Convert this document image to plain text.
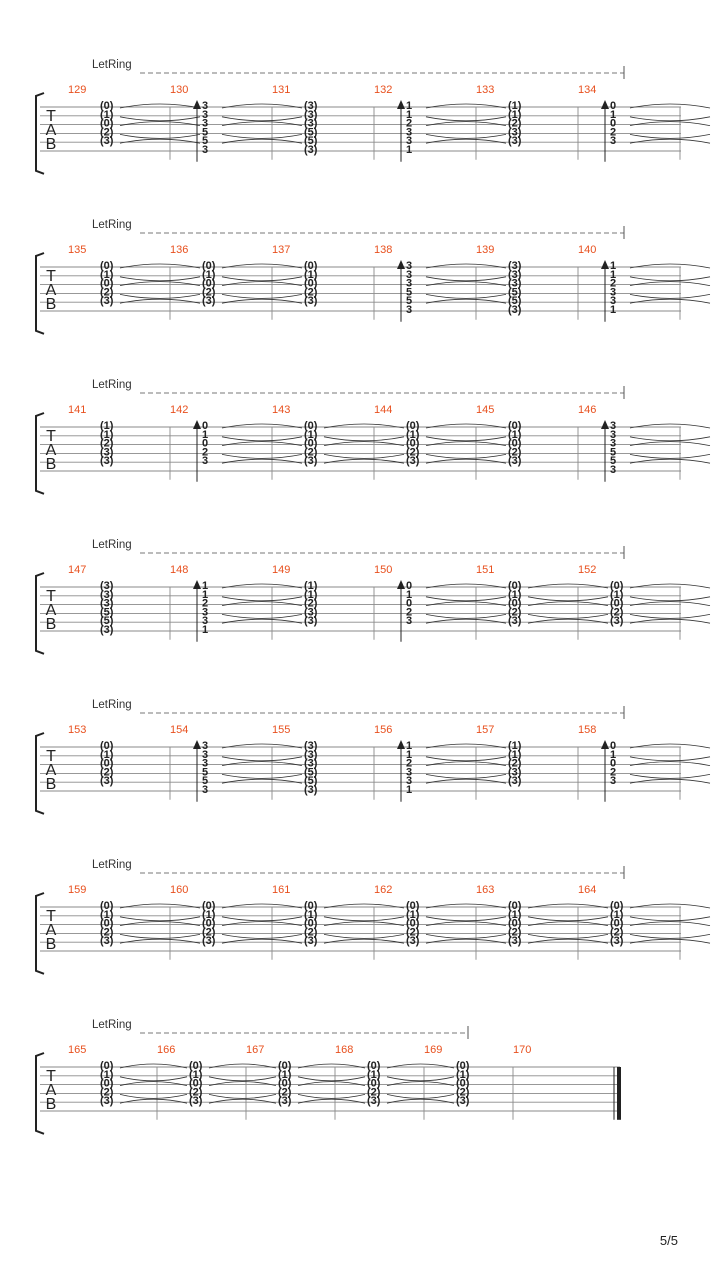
LetRing
T
A
B
129
(0)
(1)
(0)
(2)
(3)
130
3
3
3
5
5
3
131
(3)
(3)
(3)
(5)
(5)
(3)
132
1
1
2
3
3
1
133
(1)
(1)
(2)
(3)
(3)
134
0
1
0
2
3
LetRing
T
A
B
135
(0)
(1)
(0)
(2)
(3)
136
(0)
(1)
(0)
(2)
(3)
137
(0)
(1)
(0)
(2)
(3)
138
3
3
3
5
5
3
139
(3)
(3)
(3)
(5)
(5)
(3)
140
1
1
2
3
3
1
LetRing
T
A
B
141
(1)
(1)
(2)
(3)
(3)
142
0
1
0
2
3
143
(0)
(1)
(0)
(2)
(3)
144
(0)
(1)
(0)
(2)
(3)
145
(0)
(1)
(0)
(2)
(3)
146
3
3
3
5
5
3
LetRing
T
A
B
147
(3)
(3)
(3)
(5)
(5)
(3)
148
1
1
2
3
3
1
149
(1)
(1)
(2)
(3)
(3)
150
0
1
0
2
3
151
(0)
(1)
(0)
(2)
(3)
152
(0)
(1)
(0)
(2)
(3)
LetRing
T
A
B
153
(0)
(1)
(0)
(2)
(3)
154
3
3
3
5
5
3
155
(3)
(3)
(3)
(5)
(5)
(3)
156
1
1
2
3
3
1
157
(1)
(1)
(2)
(3)
(3)
158
0
1
0
2
3
LetRing
T
A
B
159
(0)
(1)
(0)
(2)
(3)
160
(0)
(1)
(0)
(2)
(3)
161
(0)
(1)
(0)
(2)
(3)
162
(0)
(1)
(0)
(2)
(3)
163
(0)
(1)
(0)
(2)
(3)
164
(0)
(1)
(0)
(2)
(3)
LetRing
T
A
B
165
(0)
(1)
(0)
(2)
(3)
166
(0)
(1)
(0)
(2)
(3)
167
(0)
(1)
(0)
(2)
(3)
168
(0)
(1)
(0)
(2)
(3)
169
(0)
(1)
(0)
(2)
(3)
170
5/5
